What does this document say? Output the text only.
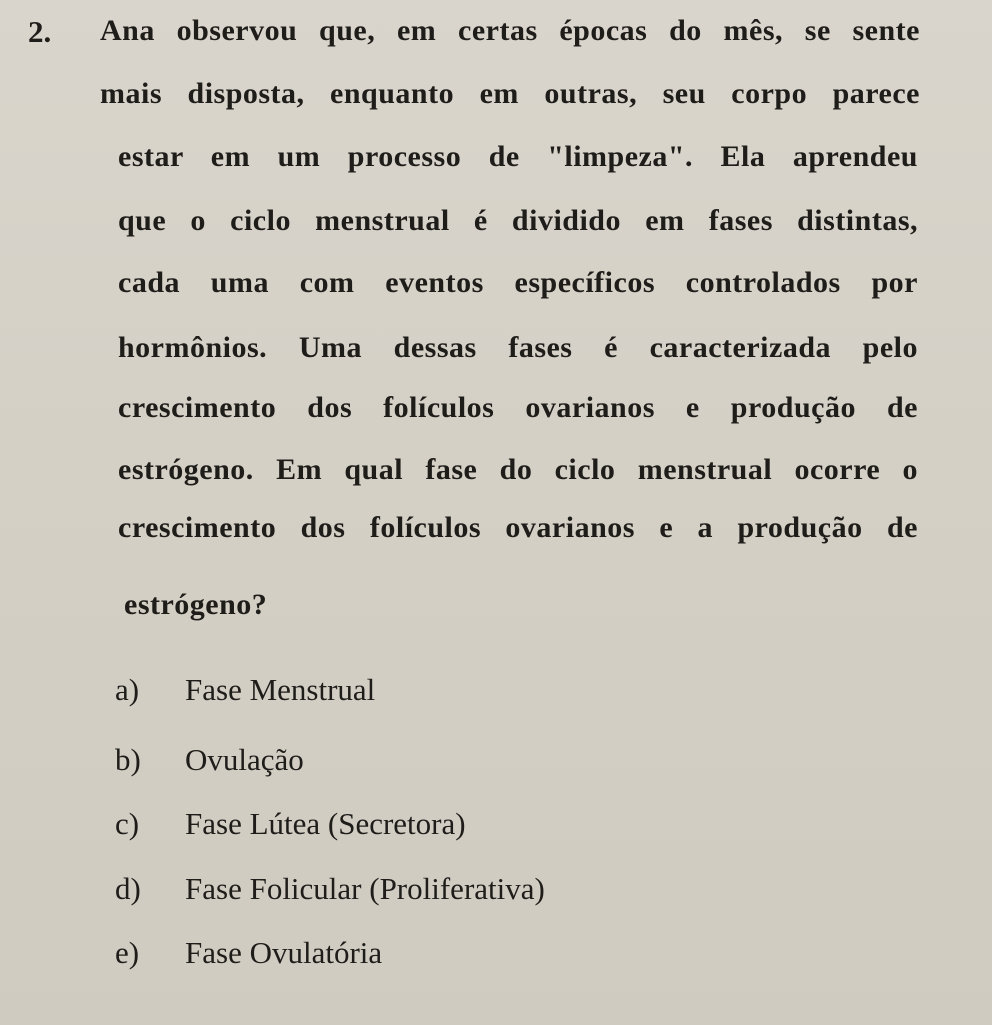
2. Ana observou que, em certas épocas do mês, se sente
mais disposta, enquanto em outras, seu corpo parece
estar em um processo de "limpeza". Ela aprendeu
que o ciclo menstrual é dividido em fases distintas,
cada uma com eventos específicos controlados por
hormônios. Uma dessas fases é caracterizada pelo
crescimento dos folículos ovarianos e produção de
estrógeno. Em qual fase do ciclo menstrual ocorre o
crescimento dos folículos ovarianos e a produção de
estrógeno?
a) Fase Menstrual
b) Ovulação
c) Fase Lútea (Secretora)
d) Fase Folicular (Proliferativa)
e) Fase Ovulatória
